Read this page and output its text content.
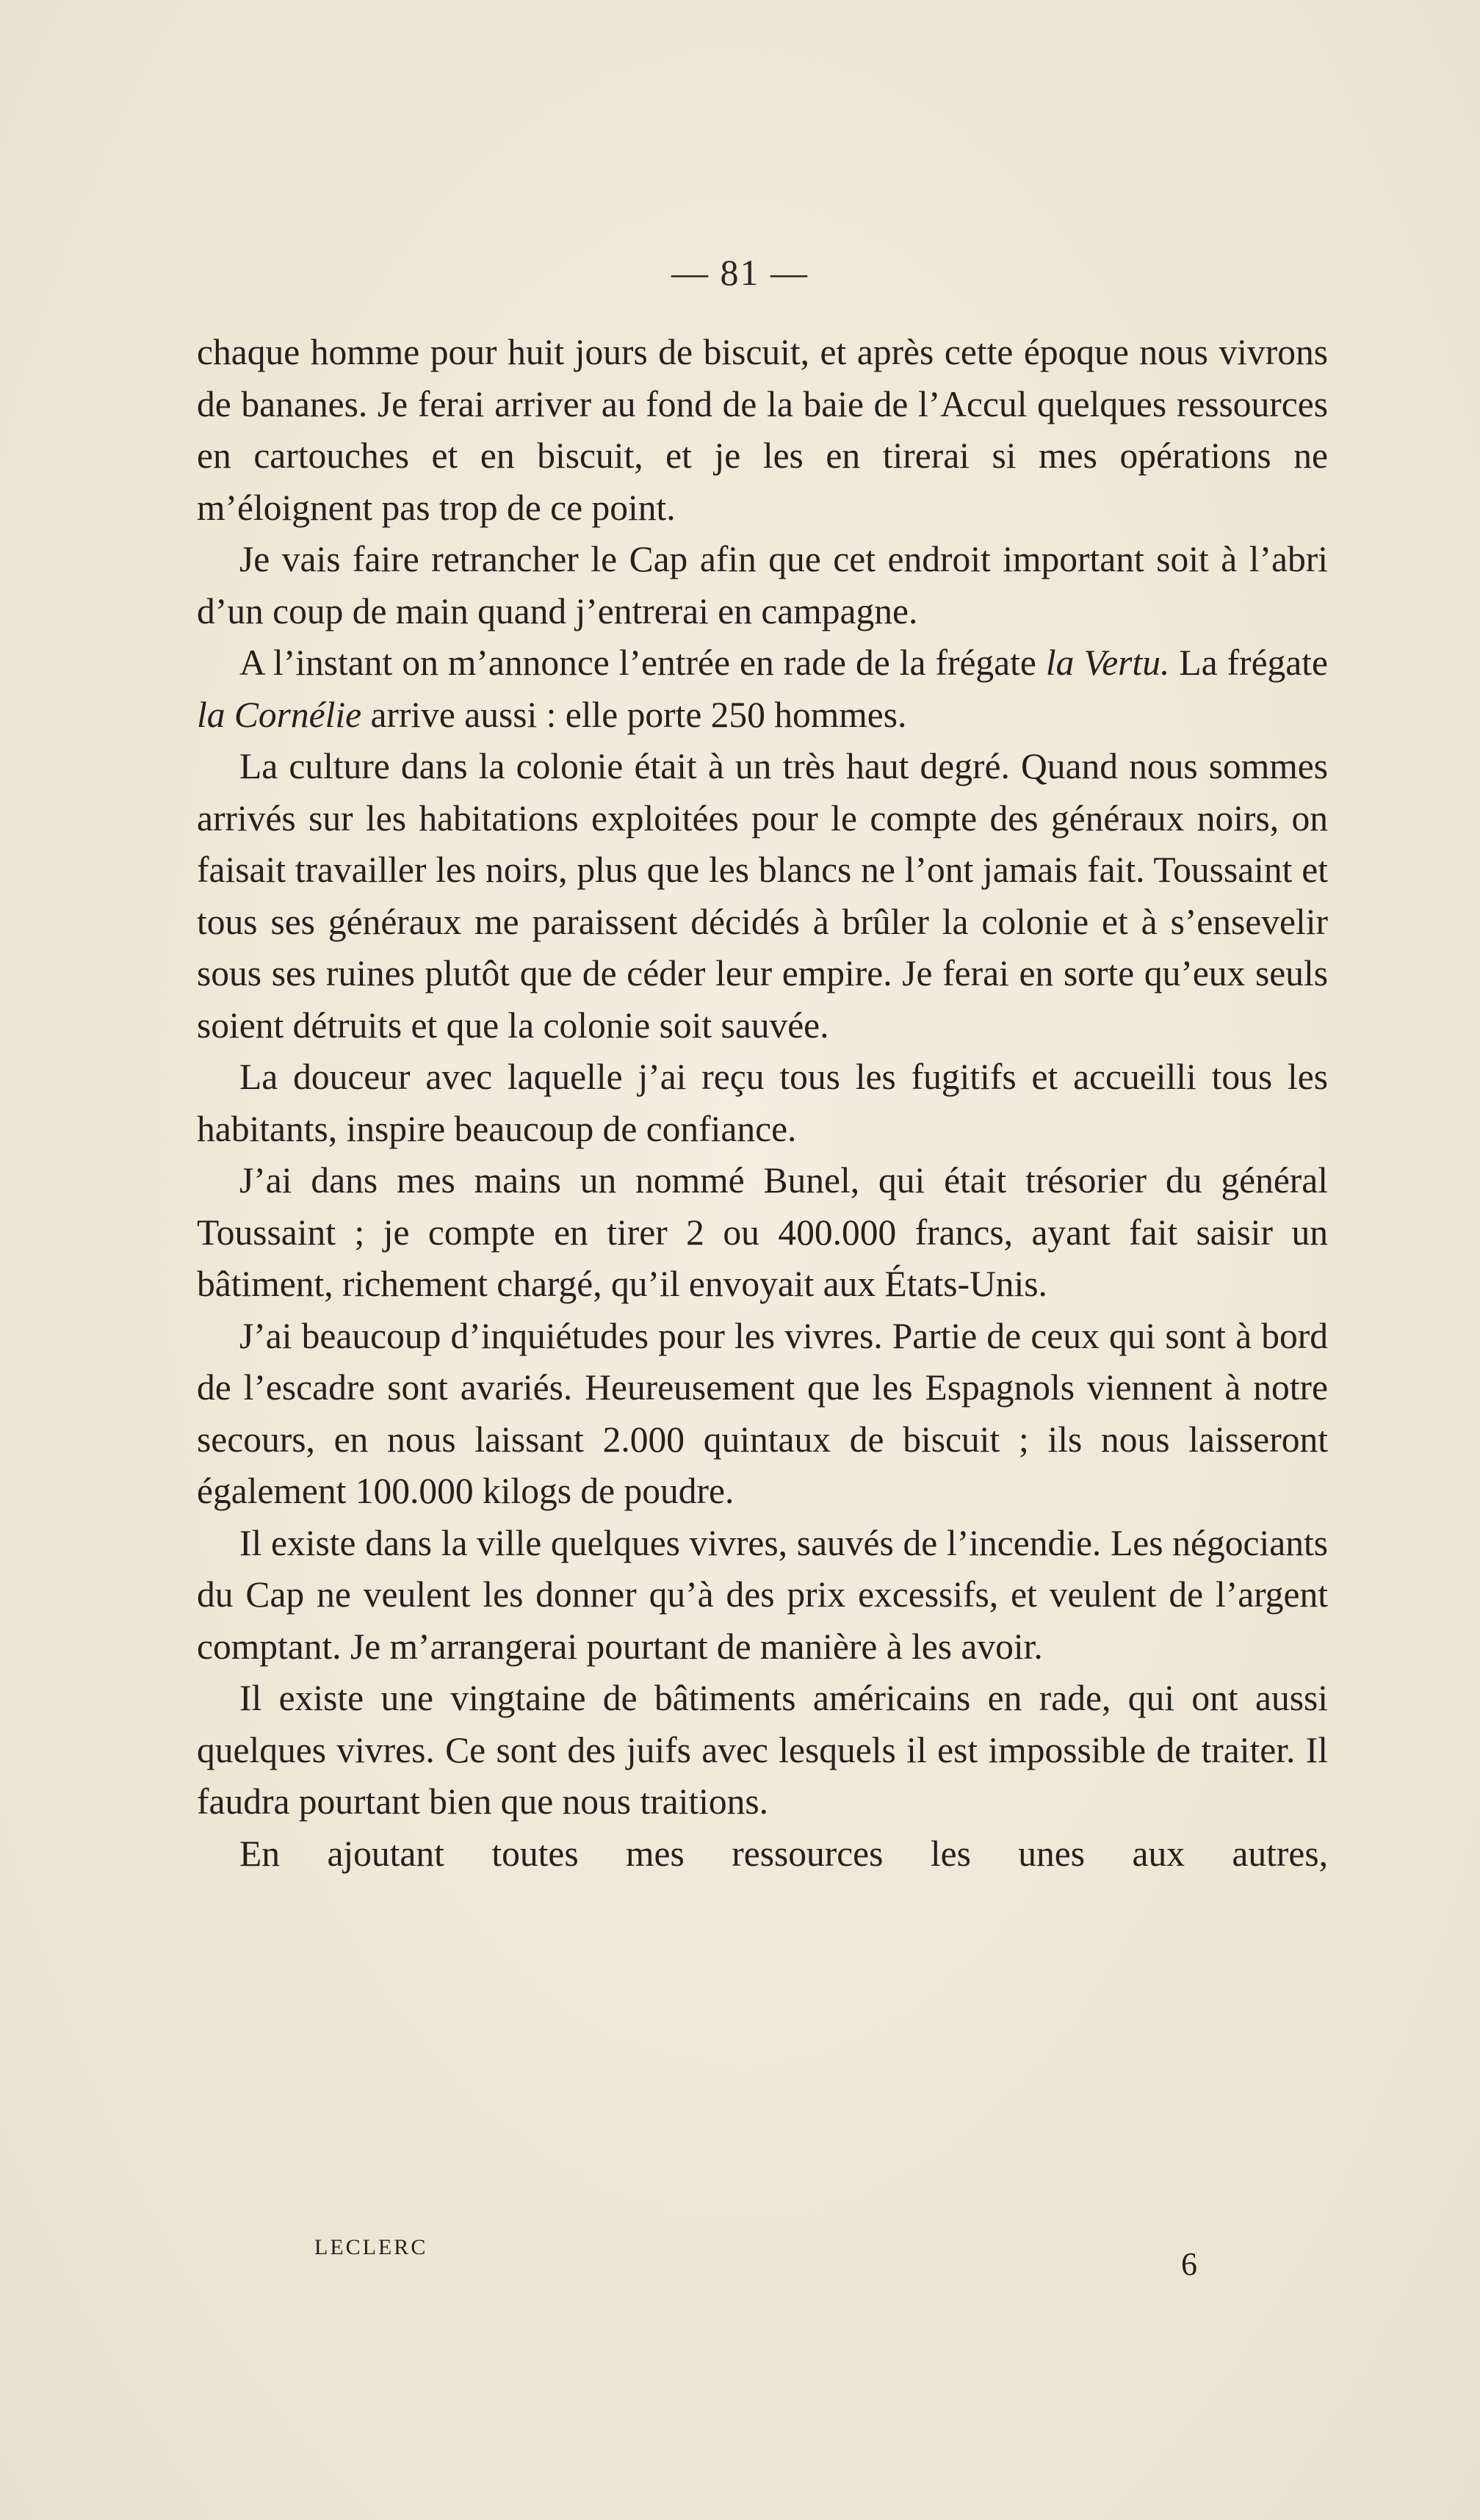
— 81 —

chaque homme pour huit jours de biscuit, et après cette époque nous vivrons de bananes. Je ferai arriver au fond de la baie de l’Accul quelques ressources en cartouches et en biscuit, et je les en tirerai si mes opérations ne m’éloignent pas trop de ce point.

Je vais faire retrancher le Cap afin que cet endroit important soit à l’abri d’un coup de main quand j’entrerai en campagne.

A l’instant on m’annonce l’entrée en rade de la frégate la Vertu. La frégate la Cornélie arrive aussi : elle porte 250 hommes.

La culture dans la colonie était à un très haut degré. Quand nous sommes arrivés sur les habitations exploitées pour le compte des généraux noirs, on faisait travailler les noirs, plus que les blancs ne l’ont jamais fait. Toussaint et tous ses généraux me paraissent décidés à brûler la colonie et à s’ensevelir sous ses ruines plutôt que de céder leur empire. Je ferai en sorte qu’eux seuls soient détruits et que la colonie soit sauvée.

La douceur avec laquelle j’ai reçu tous les fugitifs et accueilli tous les habitants, inspire beaucoup de confiance.

J’ai dans mes mains un nommé Bunel, qui était trésorier du général Toussaint ; je compte en tirer 2 ou 400.000 francs, ayant fait saisir un bâtiment, richement chargé, qu’il envoyait aux États-Unis.

J’ai beaucoup d’inquiétudes pour les vivres. Partie de ceux qui sont à bord de l’escadre sont avariés. Heureusement que les Espagnols viennent à notre secours, en nous laissant 2.000 quintaux de biscuit ; ils nous laisseront également 100.000 kilogs de poudre.

Il existe dans la ville quelques vivres, sauvés de l’incendie. Les négociants du Cap ne veulent les donner qu’à des prix excessifs, et veulent de l’argent comptant. Je m’arrangerai pourtant de manière à les avoir.

Il existe une vingtaine de bâtiments américains en rade, qui ont aussi quelques vivres. Ce sont des juifs avec lesquels il est impossible de traiter. Il faudra pourtant bien que nous traitions.

En ajoutant toutes mes ressources les unes aux autres,

LECLERC	6
